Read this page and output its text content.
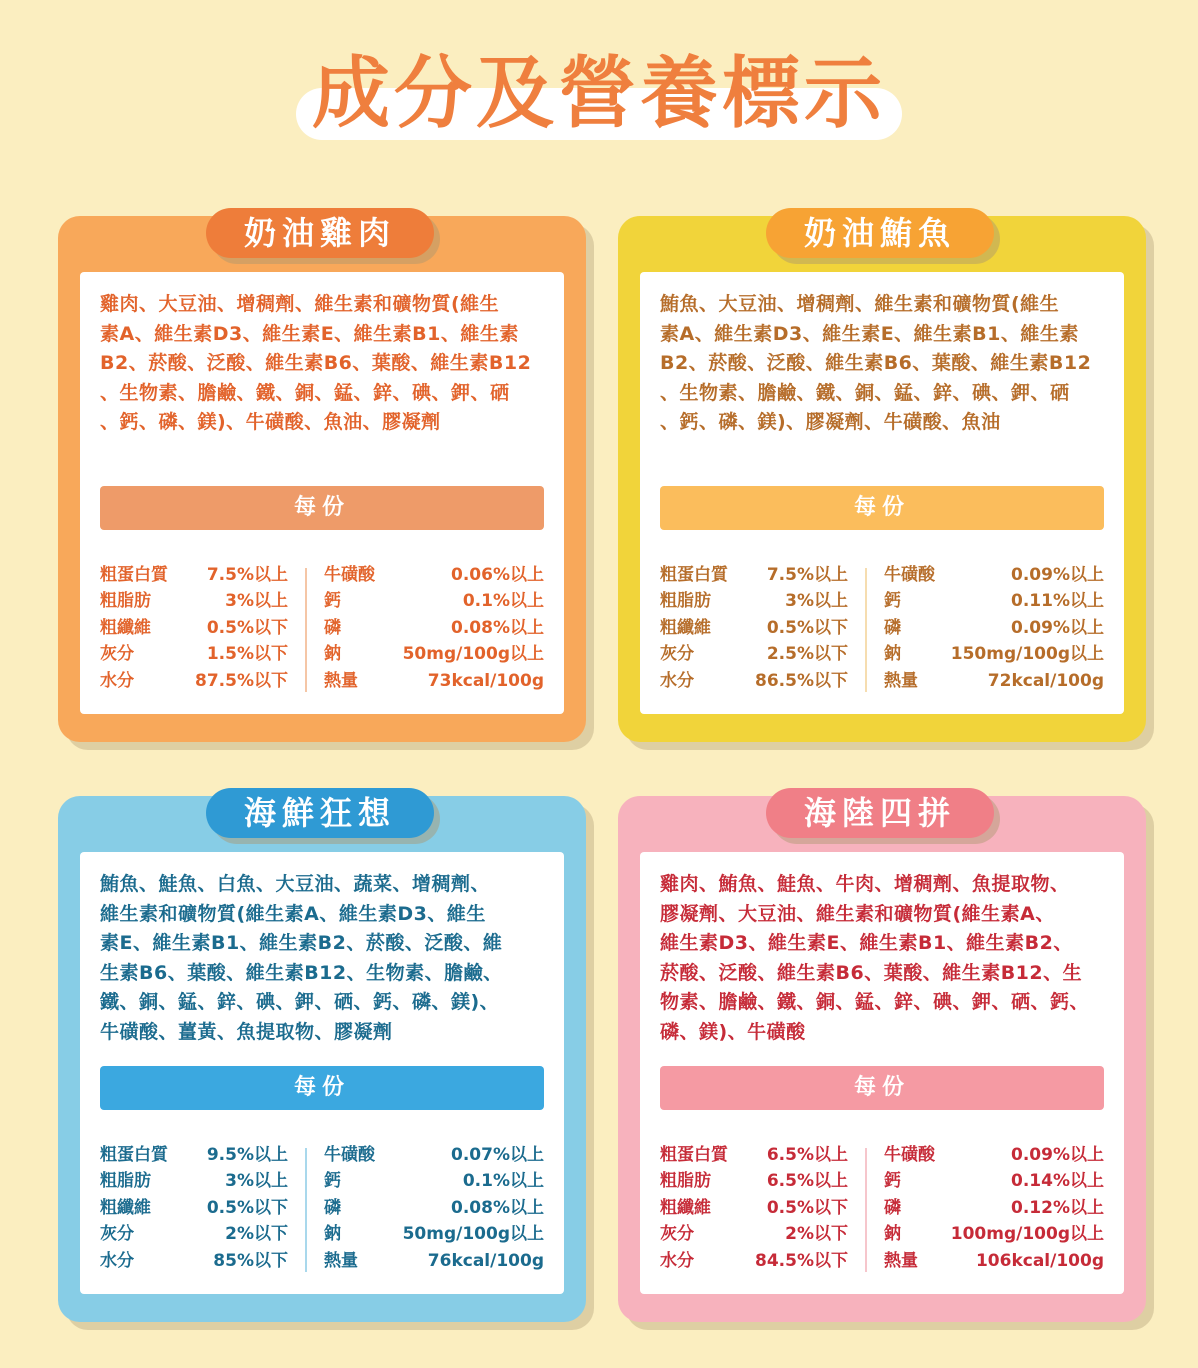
成分及營養標示
奶油雞肉
雞肉、大豆油、增稠劑、維生素和礦物質(維生
素A、維生素D3、維生素E、維生素B1、維生素
B2、菸酸、泛酸、維生素B6、葉酸、維生素B12
、生物素、膽鹼、鐵、銅、錳、鋅、碘、鉀、硒
、鈣、磷、鎂)、牛磺酸、魚油、膠凝劑
每份
粗蛋白質 7.5%以上
粗脂肪	3%以上
粗纖維	0.5%以下
灰分	1.5%以下
水分	87.5%以下
牛磺酸	0.06%以上
鈣	0.1%以上
磷	0.08%以上
鈉	50mg/100g以上
熱量	73kcal/100g
奶油鮪魚
鮪魚、大豆油、增稠劑、維生素和礦物質(維生
素A、維生素D3、維生素E、維生素B1、維生素
B2、菸酸、泛酸、維生素B6、葉酸、維生素B12
、生物素、膽鹼、鐵、銅、錳、鋅、碘、鉀、硒
、鈣、磷、鎂)、膠凝劑、牛磺酸、魚油
每份
粗蛋白質 7.5%以上
粗脂肪	3%以上
粗纖維	0.5%以下
灰分	2.5%以下
水分	86.5%以下
牛磺酸	0.09%以上
鈣	0.11%以上
磷	0.09%以上
鈉	150mg/100g以上
熱量	72kcal/100g
海鮮狂想
鮪魚、鮭魚、白魚、大豆油、蔬菜、增稠劑、
維生素和礦物質(維生素A、維生素D3、維生
素E、維生素B1、維生素B2、菸酸、泛酸、維
生素B6、葉酸、維生素B12、生物素、膽鹼、
鐵、銅、錳、鋅、碘、鉀、硒、鈣、磷、鎂)、
牛磺酸、薑黃、魚提取物、膠凝劑
每份
粗蛋白質 9.5%以上
粗脂肪	3%以上
粗纖維	0.5%以下
灰分	2%以下
水分	85%以下
牛磺酸	0.07%以上
鈣	0.1%以上
磷	0.08%以上
鈉	50mg/100g以上
熱量	76kcal/100g
海陸四拼
雞肉、鮪魚、鮭魚、牛肉、增稠劑、魚提取物、
膠凝劑、大豆油、維生素和礦物質(維生素A、
維生素D3、維生素E、維生素B1、維生素B2、
菸酸、泛酸、維生素B6、葉酸、維生素B12、生
物素、膽鹼、鐵、銅、錳、鋅、碘、鉀、硒、鈣、
磷、鎂)、牛磺酸
每份
粗蛋白質 6.5%以上
粗脂肪	6.5%以上
粗纖維	0.5%以下
灰分	2%以下
水分	84.5%以下
牛磺酸	0.09%以上
鈣	0.14%以上
磷	0.12%以上
鈉	100mg/100g以上
熱量	106kcal/100g
